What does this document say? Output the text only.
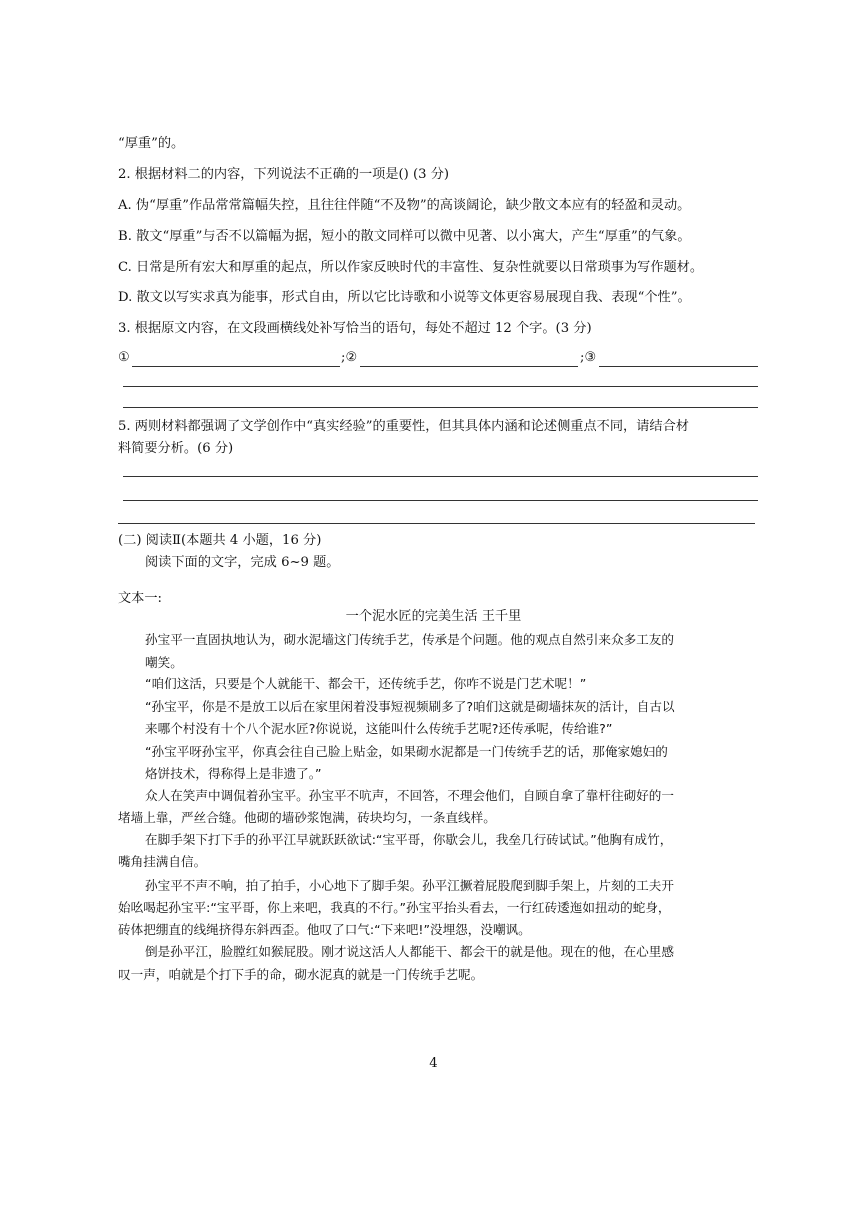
“厚重”的。
2. 根据材料二的内容，下列说法不正确的一项是() (3 分)
A. 伪“厚重”作品常常篇幅失控，且往往伴随“不及物”的高谈阔论，缺少散文本应有的轻盈和灵动。
B. 散文“厚重”与否不以篇幅为据，短小的散文同样可以微中见著、以小寓大，产生“厚重”的气象。
C. 日常是所有宏大和厚重的起点，所以作家反映时代的丰富性、复杂性就要以日常琐事为写作题材。
D. 散文以写实求真为能事，形式自由，所以它比诗歌和小说等文体更容易展现自我、表现“个性”。
3. 根据原文内容，在文段画横线处补写恰当的语句，每处不超过 12 个字。(3 分)
①	;②	;③
5. 两则材料都强调了文学创作中“真实经验”的重要性，但其具体内涵和论述侧重点不同，请结合材
料简要分析。(6 分)
(二) 阅读Ⅱ(本题共 4 小题，16 分)
阅读下面的文字，完成 6~9 题。
文本一:
一个泥水匠的完美生活 王千里
孙宝平一直固执地认为，砌水泥墙这门传统手艺，传承是个问题。他的观点自然引来众多工友的
嘲笑。
“咱们这活，只要是个人就能干、都会干，还传统手艺，你咋不说是门艺术呢！”
“孙宝平，你是不是放工以后在家里闲着没事短视频刷多了?咱们这就是砌墙抹灰的活计，自古以
来哪个村没有十个八个泥水匠?你说说，这能叫什么传统手艺呢?还传承呢，传给谁?”
“孙宝平呀孙宝平，你真会往自己脸上贴金，如果砌水泥都是一门传统手艺的话，那俺家媳妇的
烙饼技术，得称得上是非遗了。”
众人在笑声中调侃着孙宝平。孙宝平不吭声，不回答，不理会他们，自顾自拿了靠杆往砌好的一
堵墙上靠，严丝合缝。他砌的墙砂浆饱满，砖块均匀，一条直线样。
在脚手架下打下手的孙平江早就跃跃欲试:“宝平哥，你歇会儿，我垒几行砖试试。”他胸有成竹，
嘴角挂满自信。
孙宝平不声不响，拍了拍手，小心地下了脚手架。孙平江撅着屁股爬到脚手架上，片刻的工夫开
始吆喝起孙宝平:“宝平哥，你上来吧，我真的不行。”孙宝平抬头看去，一行红砖逶迤如扭动的蛇身，
砖体把绷直的线绳挤得东斜西歪。他叹了口气:“下来吧!”没埋怨，没嘲讽。
倒是孙平江，脸膛红如猴屁股。刚才说这活人人都能干、都会干的就是他。现在的他，在心里感
叹一声，咱就是个打下手的命，砌水泥真的就是一门传统手艺呢。
4
